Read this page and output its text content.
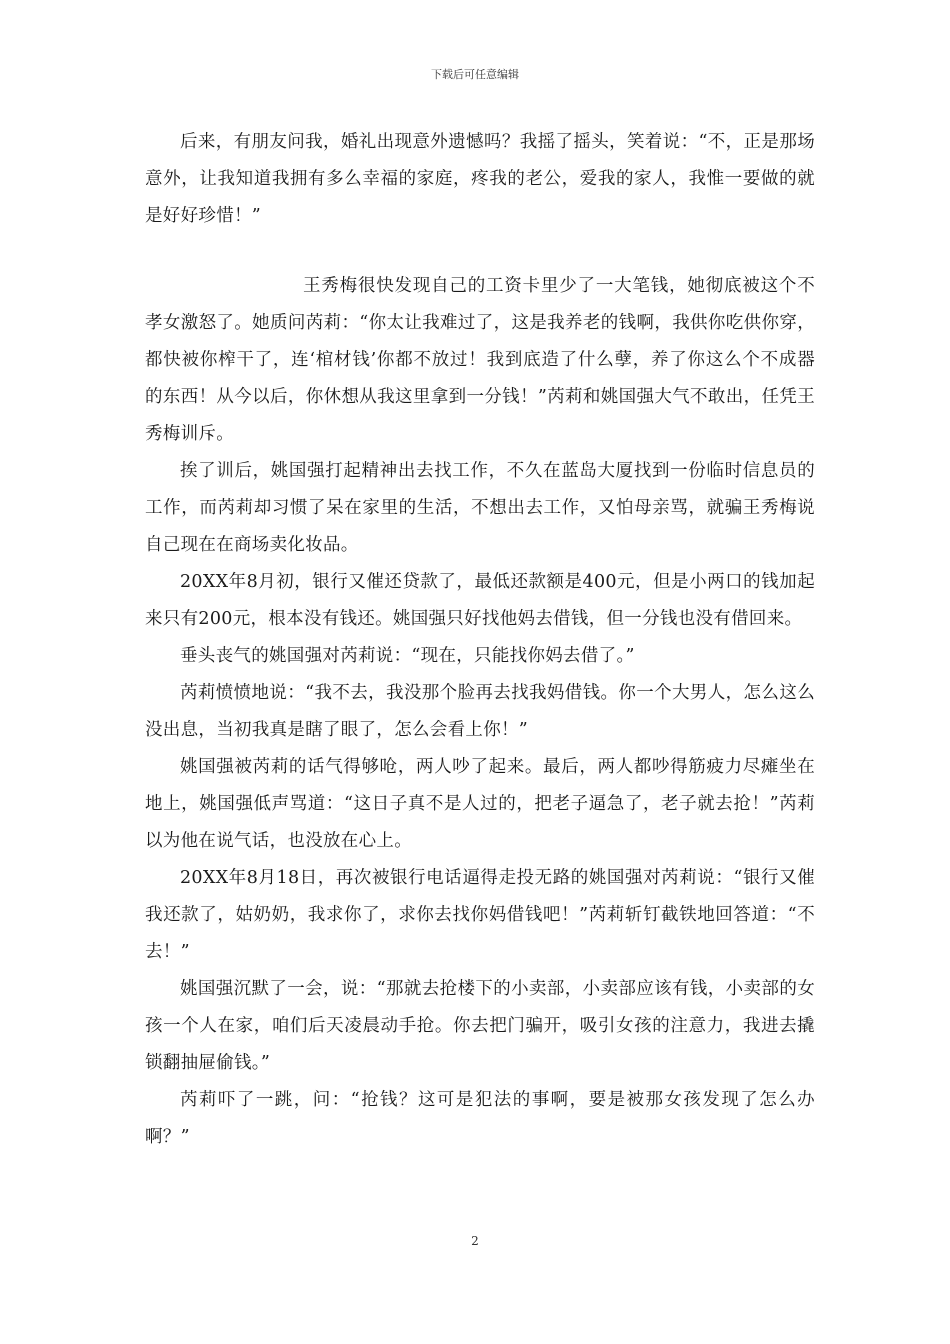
下载后可任意编辑

后来，有朋友问我，婚礼出现意外遗憾吗？我摇了摇头，笑着说：“不，正是那场意外，让我知道我拥有多么幸福的家庭，疼我的老公，爱我的家人，我惟一要做的就是好好珍惜！”

王秀梅很快发现自己的工资卡里少了一大笔钱，她彻底被这个不孝女激怒了。她质问芮莉：“你太让我难过了，这是我养老的钱啊，我供你吃供你穿，都快被你榨干了，连‘棺材钱’你都不放过！我到底造了什么孽，养了你这么个不成器的东西！从今以后，你休想从我这里拿到一分钱！”芮莉和姚国强大气不敢出，任凭王秀梅训斥。

挨了训后，姚国强打起精神出去找工作，不久在蓝岛大厦找到一份临时信息员的工作，而芮莉却习惯了呆在家里的生活，不想出去工作，又怕母亲骂，就骗王秀梅说自己现在在商场卖化妆品。

20XX年8月初，银行又催还贷款了，最低还款额是400元，但是小两口的钱加起来只有200元，根本没有钱还。姚国强只好找他妈去借钱，但一分钱也没有借回来。

垂头丧气的姚国强对芮莉说：“现在，只能找你妈去借了。”

芮莉愤愤地说：“我不去，我没那个脸再去找我妈借钱。你一个大男人，怎么这么没出息，当初我真是瞎了眼了，怎么会看上你！”

姚国强被芮莉的话气得够呛，两人吵了起来。最后，两人都吵得筋疲力尽瘫坐在地上，姚国强低声骂道：“这日子真不是人过的，把老子逼急了，老子就去抢！”芮莉以为他在说气话，也没放在心上。

20XX年8月18日，再次被银行电话逼得走投无路的姚国强对芮莉说：“银行又催我还款了，姑奶奶，我求你了，求你去找你妈借钱吧！”芮莉斩钉截铁地回答道：“不去！”

姚国强沉默了一会，说：“那就去抢楼下的小卖部，小卖部应该有钱，小卖部的女孩一个人在家，咱们后天凌晨动手抢。你去把门骗开，吸引女孩的注意力，我进去撬锁翻抽屉偷钱。”

芮莉吓了一跳，问：“抢钱？这可是犯法的事啊，要是被那女孩发现了怎么办啊？”

2
